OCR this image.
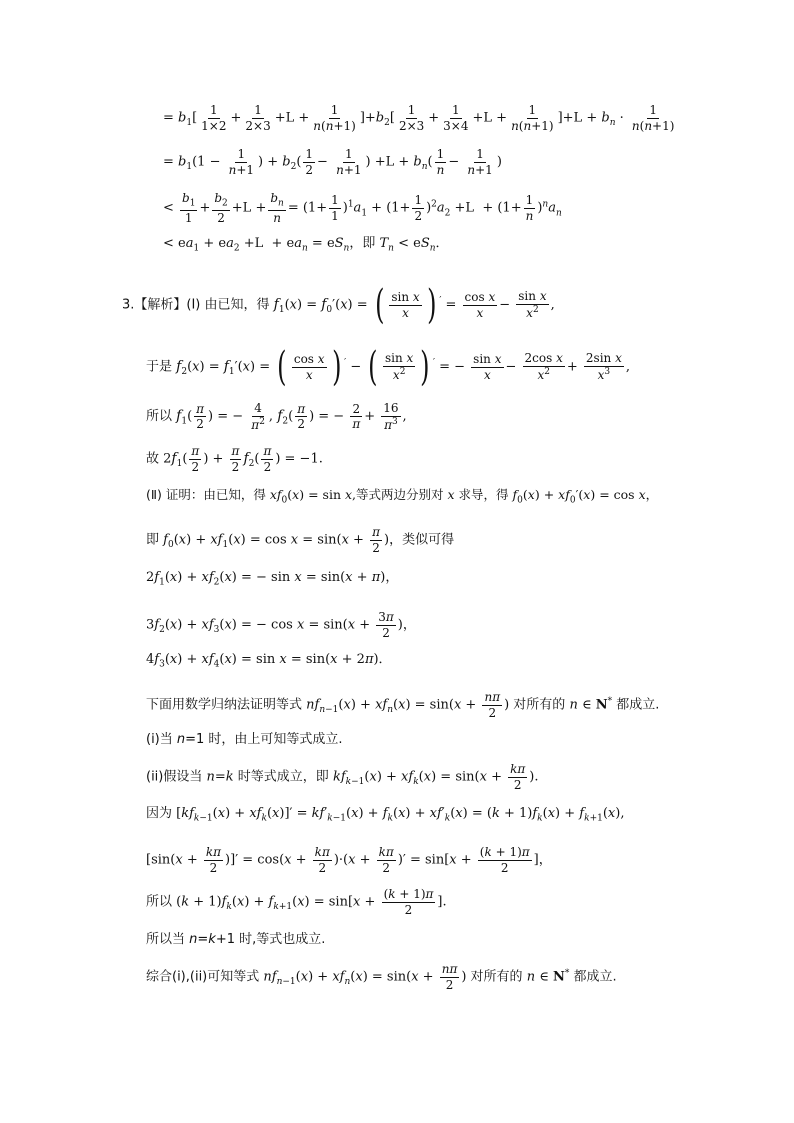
= $b_1[ \frac{1}{1\times 2} + \frac{1}{2\times 3} +L + \frac{1}{n(n+1)} ]+b_2[ \frac{1}{2\times 3} + \frac{1}{3\times 4} +L + \frac{1}{n(n+1)} ]+L + b_n \cdot \frac{1}{n(n+1)}$
= $b_1(1 - \frac{1}{n+1}$ ) + $b_2( \frac{1}{2} - \frac{1}{n+1}$ ) $+L + b_n( \frac{1}{n} - \frac{1}{n+1}$ )
< $\frac{b_1}{1} + \frac{b_2}{2} +L + \frac{b_n}{n} = (1+ \frac{1}{1} )^1a_1 + (1+ \frac{1}{2} )^2a_2 +L + (1+ \frac{1}{n} )^na_n$
< $ea_1 + ea_2 +L + ea_n = eS_n$，即 $T_n < eS_n$．
3.【解析】(Ⅰ) 由已知，得 $f_1(x) = f_0'(x)$ = ( $\frac{\text{sin x}}{x}$ ) $' = \frac{\text{cos x}}{x} - \frac{\text{sin x}}{x^2}$ ,
于是 $f_2(x) = f_1'(x)$ = ( $\frac{\text{cos x}}{x}$ ) ′ − ( $\frac{\text{sin x}}{x^2}$ ) ′ = − $\frac{\text{sin x}}{x} - \frac{\text{2cos x}}{x^2} + \frac{\text{2sin x}}{x^3}$ ,
所以 $f_1( \frac{\pi}{2}$ ) = − $\frac{4}{\pi^2}$ , $f_2( \frac{\pi}{2}$ ) = − $\frac{2}{\pi} + \frac{16}{\pi^3}$ ,
故 $2f_1( \frac{\pi}{2}$ ) + $\frac{\pi}{2} f_2( \frac{\pi}{2}$ ) = −1.
(Ⅱ) 证明：由已知，得 $xf_0(x) = \sin x$,等式两边分别对 x 求导，得 $f_0(x) + xf_0'(x) = \cos x$，
即 $f_0(x) + xf_1(x) = \cos x = \sin(x + \frac{\pi}{2}$ )，类似可得
$2f_1(x) + xf_2(x)$ = − sin x = sin(x + π)，
$3f_2(x) + xf_3(x)$ = − $\cos x = \sin(x + \frac{3\pi}{2}$ )，
$4f_3(x) + xf_4(x) = \sin x = \sin(x + 2\pi)$．
下面用数学归纳法证明等式 $nf_{n-1}(x) + xf_n(x) = \sin(x + \frac{n\pi}{2}$ ) 对所有的 n ∈ N* 都成立.
(i)当 n=1 时，由上可知等式成立.
(ii)假设当 n=k 时等式成立，即 $kf_{k-1}(x) + xf_k(x) = \sin(x + \frac{k\pi}{2}$ ).
因为 $[kf_{k-1}(x) + xf_k(x)]' = kf'_{k-1}(x) + f_k(x) + xf'_k(x) = (k + 1)f_k(x) + f_{k+1}(x)$,
[$\sin(x + \frac{k\pi}{2}$ )]′ = $\cos(x + \frac{k\pi}{2} )\cdot(x + \frac{k\pi}{2}$ )′ = $\sin[x + \frac{(k + 1)\pi}{2}$ ]，
所以 $(k + 1)f_k(x) + f_{k+1}(x) = \sin[x + \frac{(k + 1)\pi}{2}$ ].
所以当 n=k+1 时,等式也成立.
综合(i),(ii)可知等式 $nf_{n-1}(x) + xf_n(x) = \sin(x + \frac{n\pi}{2}$ ) 对所有的 n ∈ N* 都成立.
